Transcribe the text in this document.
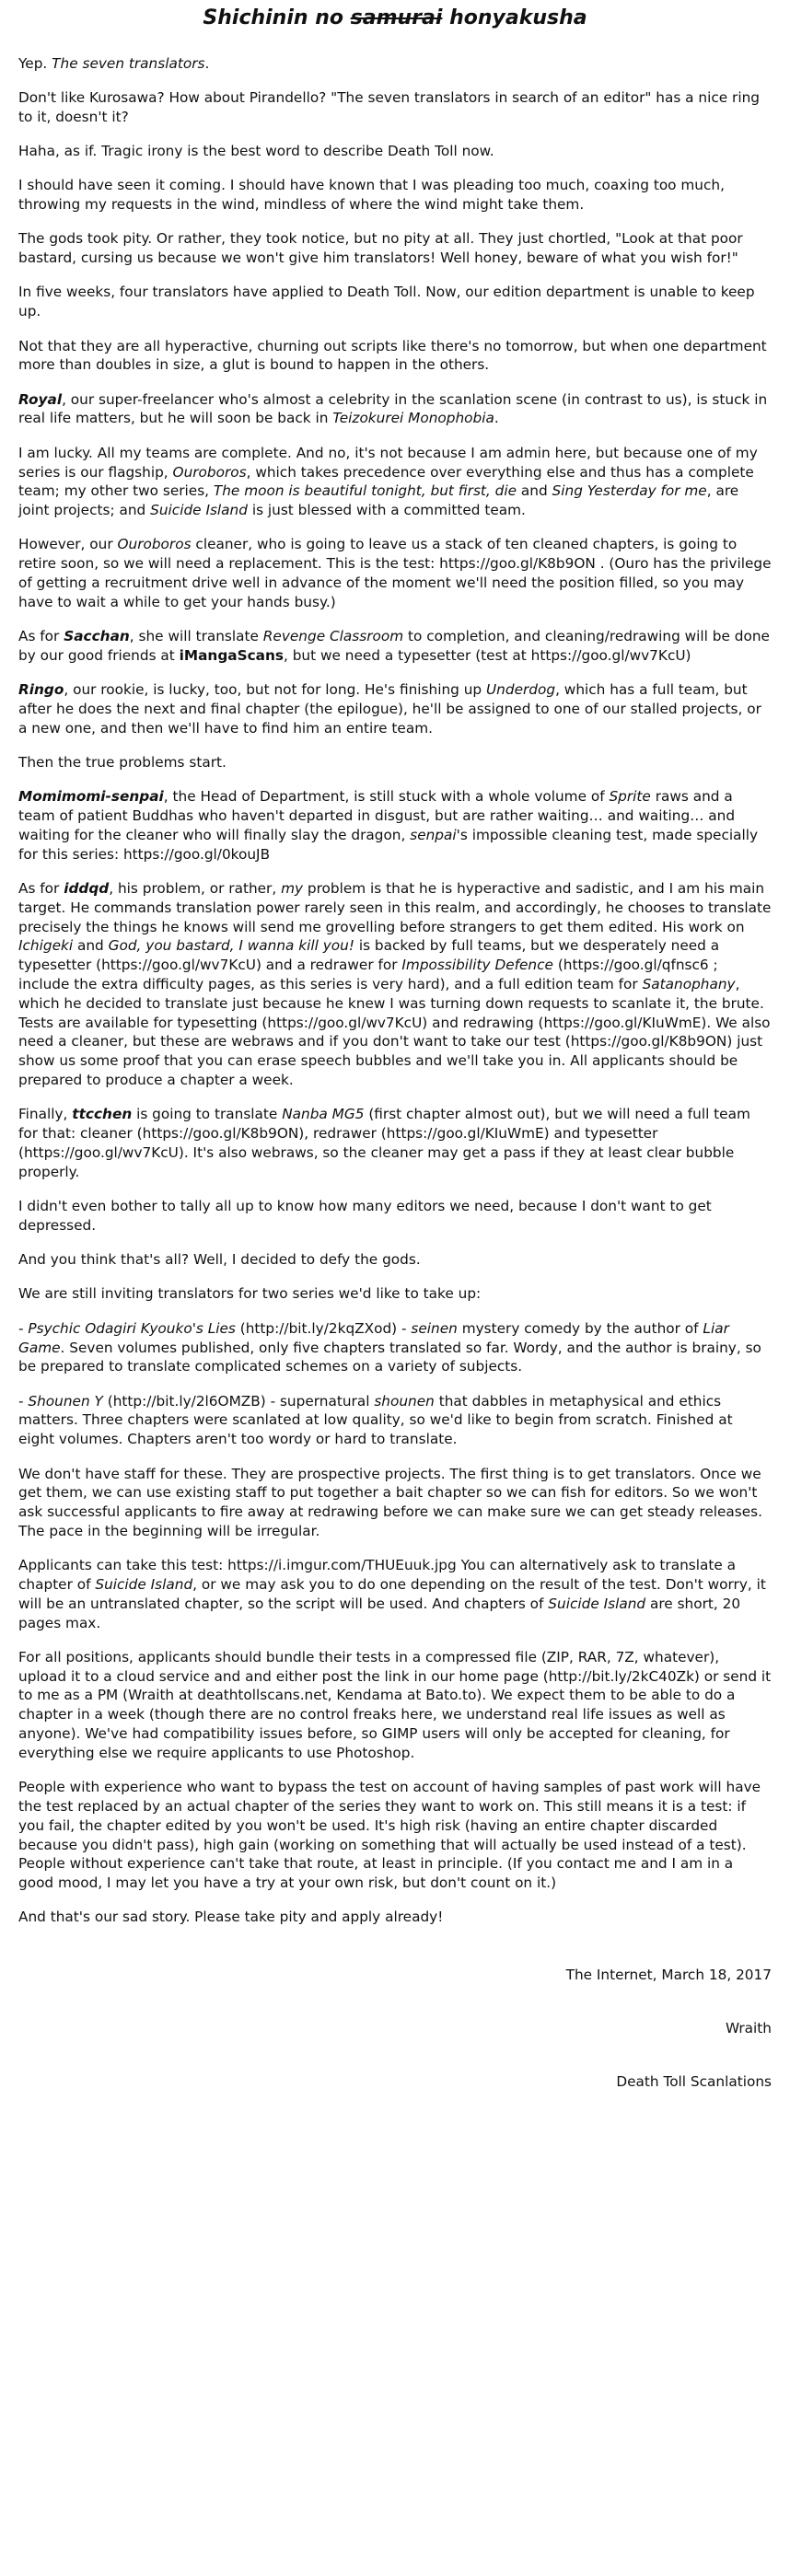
Shichinin no samurai honyakusha

Yep. The seven translators.

Don't like Kurosawa? How about Pirandello? "The seven translators in search of an editor" has a nice ring to it, doesn't it?

Haha, as if. Tragic irony is the best word to describe Death Toll now.

I should have seen it coming. I should have known that I was pleading too much, coaxing too much, throwing my requests in the wind, mindless of where the wind might take them.

The gods took pity. Or rather, they took notice, but no pity at all. They just chortled, "Look at that poor bastard, cursing us because we won't give him translators! Well honey, beware of what you wish for!"

In five weeks, four translators have applied to Death Toll. Now, our edition department is unable to keep up.

Not that they are all hyperactive, churning out scripts like there's no tomorrow, but when one department more than doubles in size, a glut is bound to happen in the others.

Royal, our super-freelancer who's almost a celebrity in the scanlation scene (in contrast to us), is stuck in real life matters, but he will soon be back in Teizokurei Monophobia.

I am lucky. All my teams are complete. And no, it's not because I am admin here, but because one of my series is our flagship, Ouroboros, which takes precedence over everything else and thus has a complete team; my other two series, The moon is beautiful tonight, but first, die and Sing Yesterday for me, are joint projects; and Suicide Island is just blessed with a committed team.

However, our Ouroboros cleaner, who is going to leave us a stack of ten cleaned chapters, is going to retire soon, so we will need a replacement. This is the test: https://goo.gl/K8b9ON . (Ouro has the privilege of getting a recruitment drive well in advance of the moment we'll need the position filled, so you may have to wait a while to get your hands busy.)

As for Sacchan, she will translate Revenge Classroom to completion, and cleaning/redrawing will be done by our good friends at iMangaScans, but we need a typesetter (test at https://goo.gl/wv7KcU)

Ringo, our rookie, is lucky, too, but not for long. He's finishing up Underdog, which has a full team, but after he does the next and final chapter (the epilogue), he'll be assigned to one of our stalled projects, or a new one, and then we'll have to find him an entire team.

Then the true problems start.

Momimomi-senpai, the Head of Department, is still stuck with a whole volume of Sprite raws and a team of patient Buddhas who haven't departed in disgust, but are rather waiting… and waiting… and waiting for the cleaner who will finally slay the dragon, senpai's impossible cleaning test, made specially for this series: https://goo.gl/0kouJB

As for iddqd, his problem, or rather, my problem is that he is hyperactive and sadistic, and I am his main target. He commands translation power rarely seen in this realm, and accordingly, he chooses to translate precisely the things he knows will send me grovelling before strangers to get them edited. His work on Ichigeki and God, you bastard, I wanna kill you! is backed by full teams, but we desperately need a typesetter (https://goo.gl/wv7KcU) and a redrawer for Impossibility Defence (https://goo.gl/qfnsc6 ; include the extra difficulty pages, as this series is very hard), and a full edition team for Satanophany, which he decided to translate just because he knew I was turning down requests to scanlate it, the brute. Tests are available for typesetting (https://goo.gl/wv7KcU) and redrawing (https://goo.gl/KIuWmE). We also need a cleaner, but these are webraws and if you don't want to take our test (https://goo.gl/K8b9ON) just show us some proof that you can erase speech bubbles and we'll take you in. All applicants should be prepared to produce a chapter a week.

Finally, ttcchen is going to translate Nanba MG5 (first chapter almost out), but we will need a full team for that: cleaner (https://goo.gl/K8b9ON), redrawer (https://goo.gl/KIuWmE) and typesetter (https://goo.gl/wv7KcU). It's also webraws, so the cleaner may get a pass if they at least clear bubble properly.

I didn't even bother to tally all up to know how many editors we need, because I don't want to get depressed.

And you think that's all? Well, I decided to defy the gods.

We are still inviting translators for two series we'd like to take up:

- Psychic Odagiri Kyouko's Lies (http://bit.ly/2kqZXod) - seinen mystery comedy by the author of Liar Game. Seven volumes published, only five chapters translated so far. Wordy, and the author is brainy, so be prepared to translate complicated schemes on a variety of subjects.

- Shounen Y (http://bit.ly/2l6OMZB) - supernatural shounen that dabbles in metaphysical and ethics matters. Three chapters were scanlated at low quality, so we'd like to begin from scratch. Finished at eight volumes. Chapters aren't too wordy or hard to translate.

We don't have staff for these. They are prospective projects. The first thing is to get translators. Once we get them, we can use existing staff to put together a bait chapter so we can fish for editors. So we won't ask successful applicants to fire away at redrawing before we can make sure we can get steady releases. The pace in the beginning will be irregular.

Applicants can take this test: https://i.imgur.com/THUEuuk.jpg You can alternatively ask to translate a chapter of Suicide Island, or we may ask you to do one depending on the result of the test. Don't worry, it will be an untranslated chapter, so the script will be used. And chapters of Suicide Island are short, 20 pages max.

For all positions, applicants should bundle their tests in a compressed file (ZIP, RAR, 7Z, whatever), upload it to a cloud service and and either post the link in our home page (http://bit.ly/2kC40Zk) or send it to me as a PM (Wraith at deathtollscans.net, Kendama at Bato.to). We expect them to be able to do a chapter in a week (though there are no control freaks here, we understand real life issues as well as anyone). We've had compatibility issues before, so GIMP users will only be accepted for cleaning, for everything else we require applicants to use Photoshop.

People with experience who want to bypass the test on account of having samples of past work will have the test replaced by an actual chapter of the series they want to work on. This still means it is a test: if you fail, the chapter edited by you won't be used. It's high risk (having an entire chapter discarded because you didn't pass), high gain (working on something that will actually be used instead of a test). People without experience can't take that route, at least in principle. (If you contact me and I am in a good mood, I may let you have a try at your own risk, but don't count on it.)

And that's our sad story. Please take pity and apply already!

The Internet, March 18, 2017

Wraith

Death Toll Scanlations
